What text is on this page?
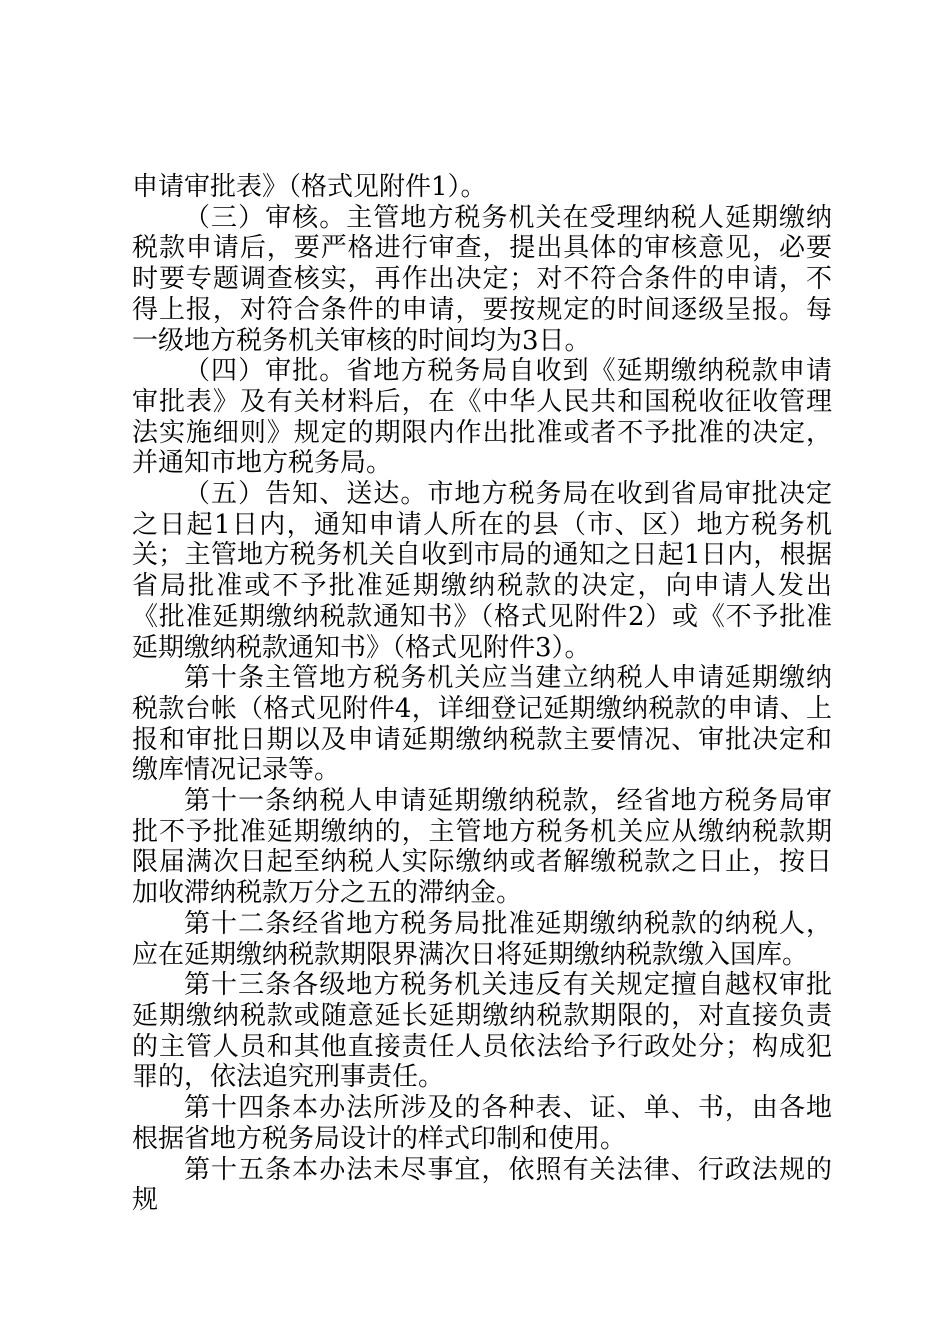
申请审批表》（格式见附件1）。

（三）审核。主管地方税务机关在受理纳税人延期缴纳税款申请后，要严格进行审查，提出具体的审核意见，必要时要专题调查核实，再作出决定；对不符合条件的申请，不得上报，对符合条件的申请，要按规定的时间逐级呈报。每一级地方税务机关审核的时间均为3日。

（四）审批。省地方税务局自收到《延期缴纳税款申请审批表》及有关材料后，在《中华人民共和国税收征收管理法实施细则》规定的期限内作出批准或者不予批准的决定，并通知市地方税务局。

（五）告知、送达。市地方税务局在收到省局审批决定之日起1日内，通知申请人所在的县（市、区）地方税务机关；主管地方税务机关自收到市局的通知之日起1日内，根据省局批准或不予批准延期缴纳税款的决定，向申请人发出《批准延期缴纳税款通知书》（格式见附件2）或《不予批准延期缴纳税款通知书》（格式见附件3）。

第十条主管地方税务机关应当建立纳税人申请延期缴纳税款台帐（格式见附件4，详细登记延期缴纳税款的申请、上报和审批日期以及申请延期缴纳税款主要情况、审批决定和缴库情况记录等。

第十一条纳税人申请延期缴纳税款，经省地方税务局审批不予批准延期缴纳的，主管地方税务机关应从缴纳税款期限届满次日起至纳税人实际缴纳或者解缴税款之日止，按日加收滞纳税款万分之五的滞纳金。

第十二条经省地方税务局批准延期缴纳税款的纳税人，应在延期缴纳税款期限界满次日将延期缴纳税款缴入国库。

第十三条各级地方税务机关违反有关规定擅自越权审批延期缴纳税款或随意延长延期缴纳税款期限的，对直接负责的主管人员和其他直接责任人员依法给予行政处分；构成犯罪的，依法追究刑事责任。

第十四条本办法所涉及的各种表、证、单、书，由各地根据省地方税务局设计的样式印制和使用。

第十五条本办法未尽事宜，依照有关法律、行政法规的规
